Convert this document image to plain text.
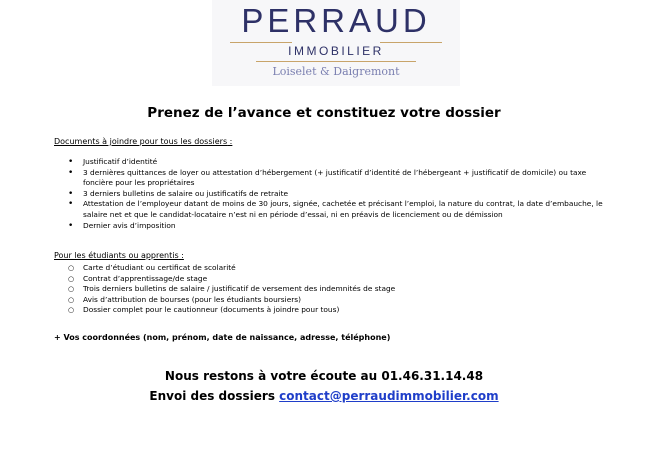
PERRAUD
IMMOBILIER
Loiselet & Daigremont
Prenez de l’avance et constituez votre dossier
Documents à joindre pour tous les dossiers :
• Justificatif d’identité
• 3 dernières quittances de loyer ou attestation d’hébergement (+ justificatif d’identité de l’hébergeant + justificatif de domicile) ou taxe foncière pour les propriétaires
• 3 derniers bulletins de salaire ou justificatifs de retraite
• Attestation de l’employeur datant de moins de 30 jours, signée, cachetée et précisant l’emploi, la nature du contrat, la date d’embauche, le salaire net et que le candidat-locataire n’est ni en période d’essai, ni en préavis de licenciement ou de démission
• Dernier avis d’imposition
Pour les étudiants ou apprentis :
○ Carte d’étudiant ou certificat de scolarité
○ Contrat d’apprentissage/de stage
○ Trois derniers bulletins de salaire / justificatif de versement des indemnités de stage
○ Avis d’attribution de bourses (pour les étudiants boursiers)
○ Dossier complet pour le cautionneur (documents à joindre pour tous)
+ Vos coordonnées (nom, prénom, date de naissance, adresse, téléphone)
Nous restons à votre écoute au 01.46.31.14.48
Envoi des dossiers contact@perraudimmobilier.com
